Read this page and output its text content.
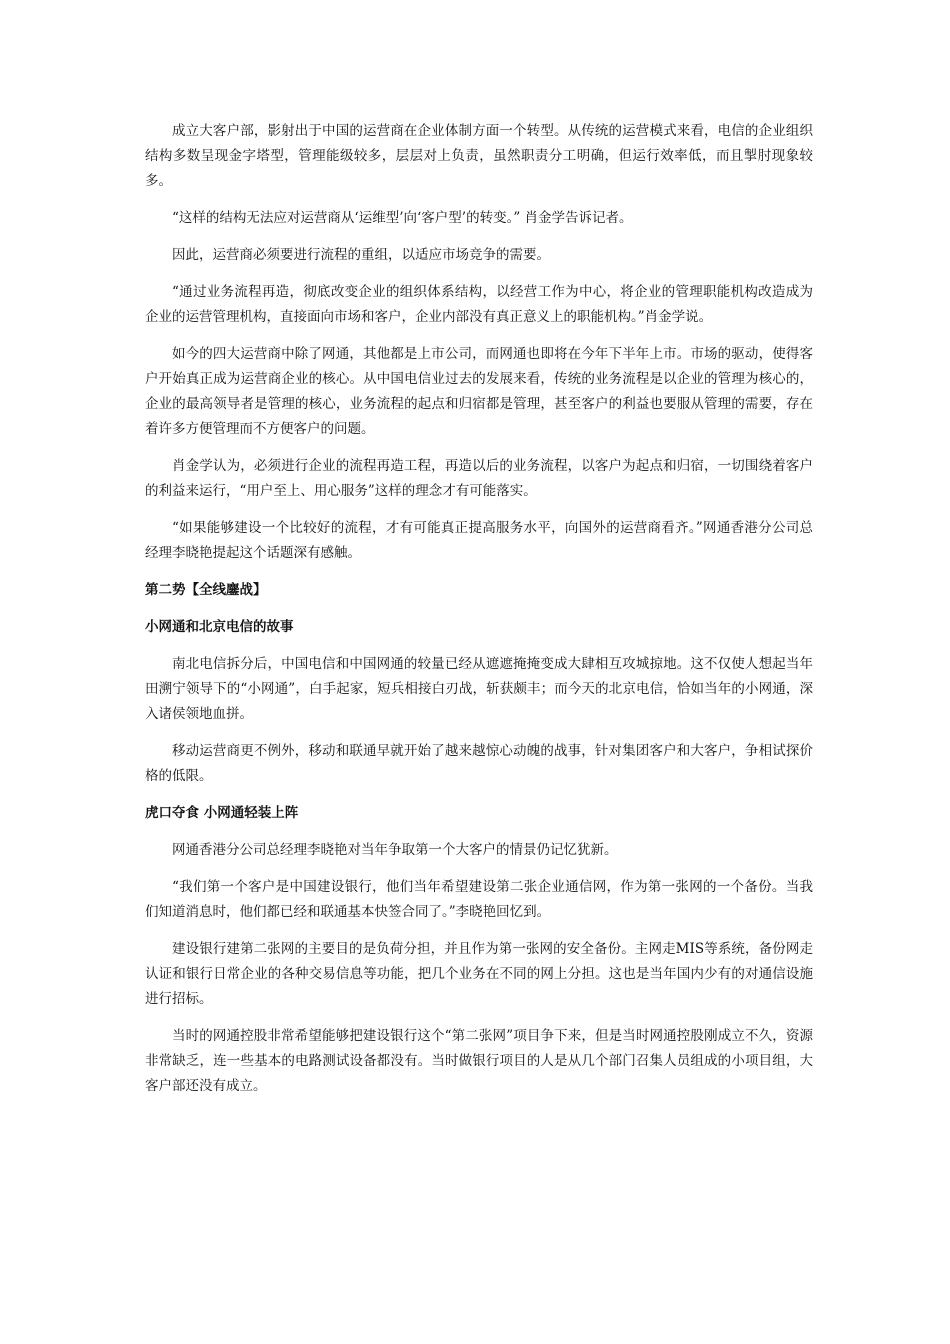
成立大客户部，影射出于中国的运营商在企业体制方面一个转型。从传统的运营模式来看，电信的企业组织结构多数呈现金字塔型，管理能级较多，层层对上负责，虽然职责分工明确，但运行效率低，而且掣肘现象较多。

“这样的结构无法应对运营商从‘运维型’向‘客户型’的转变。” 肖金学告诉记者。

因此，运营商必须要进行流程的重组，以适应市场竞争的需要。

“通过业务流程再造，彻底改变企业的组织体系结构，以经营工作为中心，将企业的管理职能机构改造成为企业的运营管理机构，直接面向市场和客户，企业内部没有真正意义上的职能机构。”肖金学说。

如今的四大运营商中除了网通，其他都是上市公司，而网通也即将在今年下半年上市。市场的驱动，使得客户开始真正成为运营商企业的核心。从中国电信业过去的发展来看，传统的业务流程是以企业的管理为核心的，企业的最高领导者是管理的核心，业务流程的起点和归宿都是管理，甚至客户的利益也要服从管理的需要，存在着许多方便管理而不方便客户的问题。

肖金学认为，必须进行企业的流程再造工程，再造以后的业务流程，以客户为起点和归宿，一切围绕着客户的利益来运行，“用户至上、用心服务”这样的理念才有可能落实。

“如果能够建设一个比较好的流程，才有可能真正提高服务水平，向国外的运营商看齐。”网通香港分公司总经理李晓艳提起这个话题深有感触。

第二势【全线鏖战】

小网通和北京电信的故事

南北电信拆分后，中国电信和中国网通的较量已经从遮遮掩掩变成大肆相互攻城掠地。这不仅使人想起当年田溯宁领导下的“小网通”，白手起家，短兵相接白刃战，斩获颇丰；而今天的北京电信，恰如当年的小网通，深入诸侯领地血拼。

移动运营商更不例外，移动和联通早就开始了越来越惊心动魄的战事，针对集团客户和大客户，争相试探价格的低限。

虎口夺食 小网通轻装上阵

网通香港分公司总经理李晓艳对当年争取第一个大客户的情景仍记忆犹新。

“我们第一个客户是中国建设银行，他们当年希望建设第二张企业通信网，作为第一张网的一个备份。当我们知道消息时，他们都已经和联通基本快签合同了。”李晓艳回忆到。

建设银行建第二张网的主要目的是负荷分担，并且作为第一张网的安全备份。主网走MIS等系统，备份网走认证和银行日常企业的各种交易信息等功能，把几个业务在不同的网上分担。这也是当年国内少有的对通信设施进行招标。

当时的网通控股非常希望能够把建设银行这个“第二张网”项目争下来，但是当时网通控股刚成立不久，资源非常缺乏，连一些基本的电路测试设备都没有。当时做银行项目的人是从几个部门召集人员组成的小项目组，大客户部还没有成立。
